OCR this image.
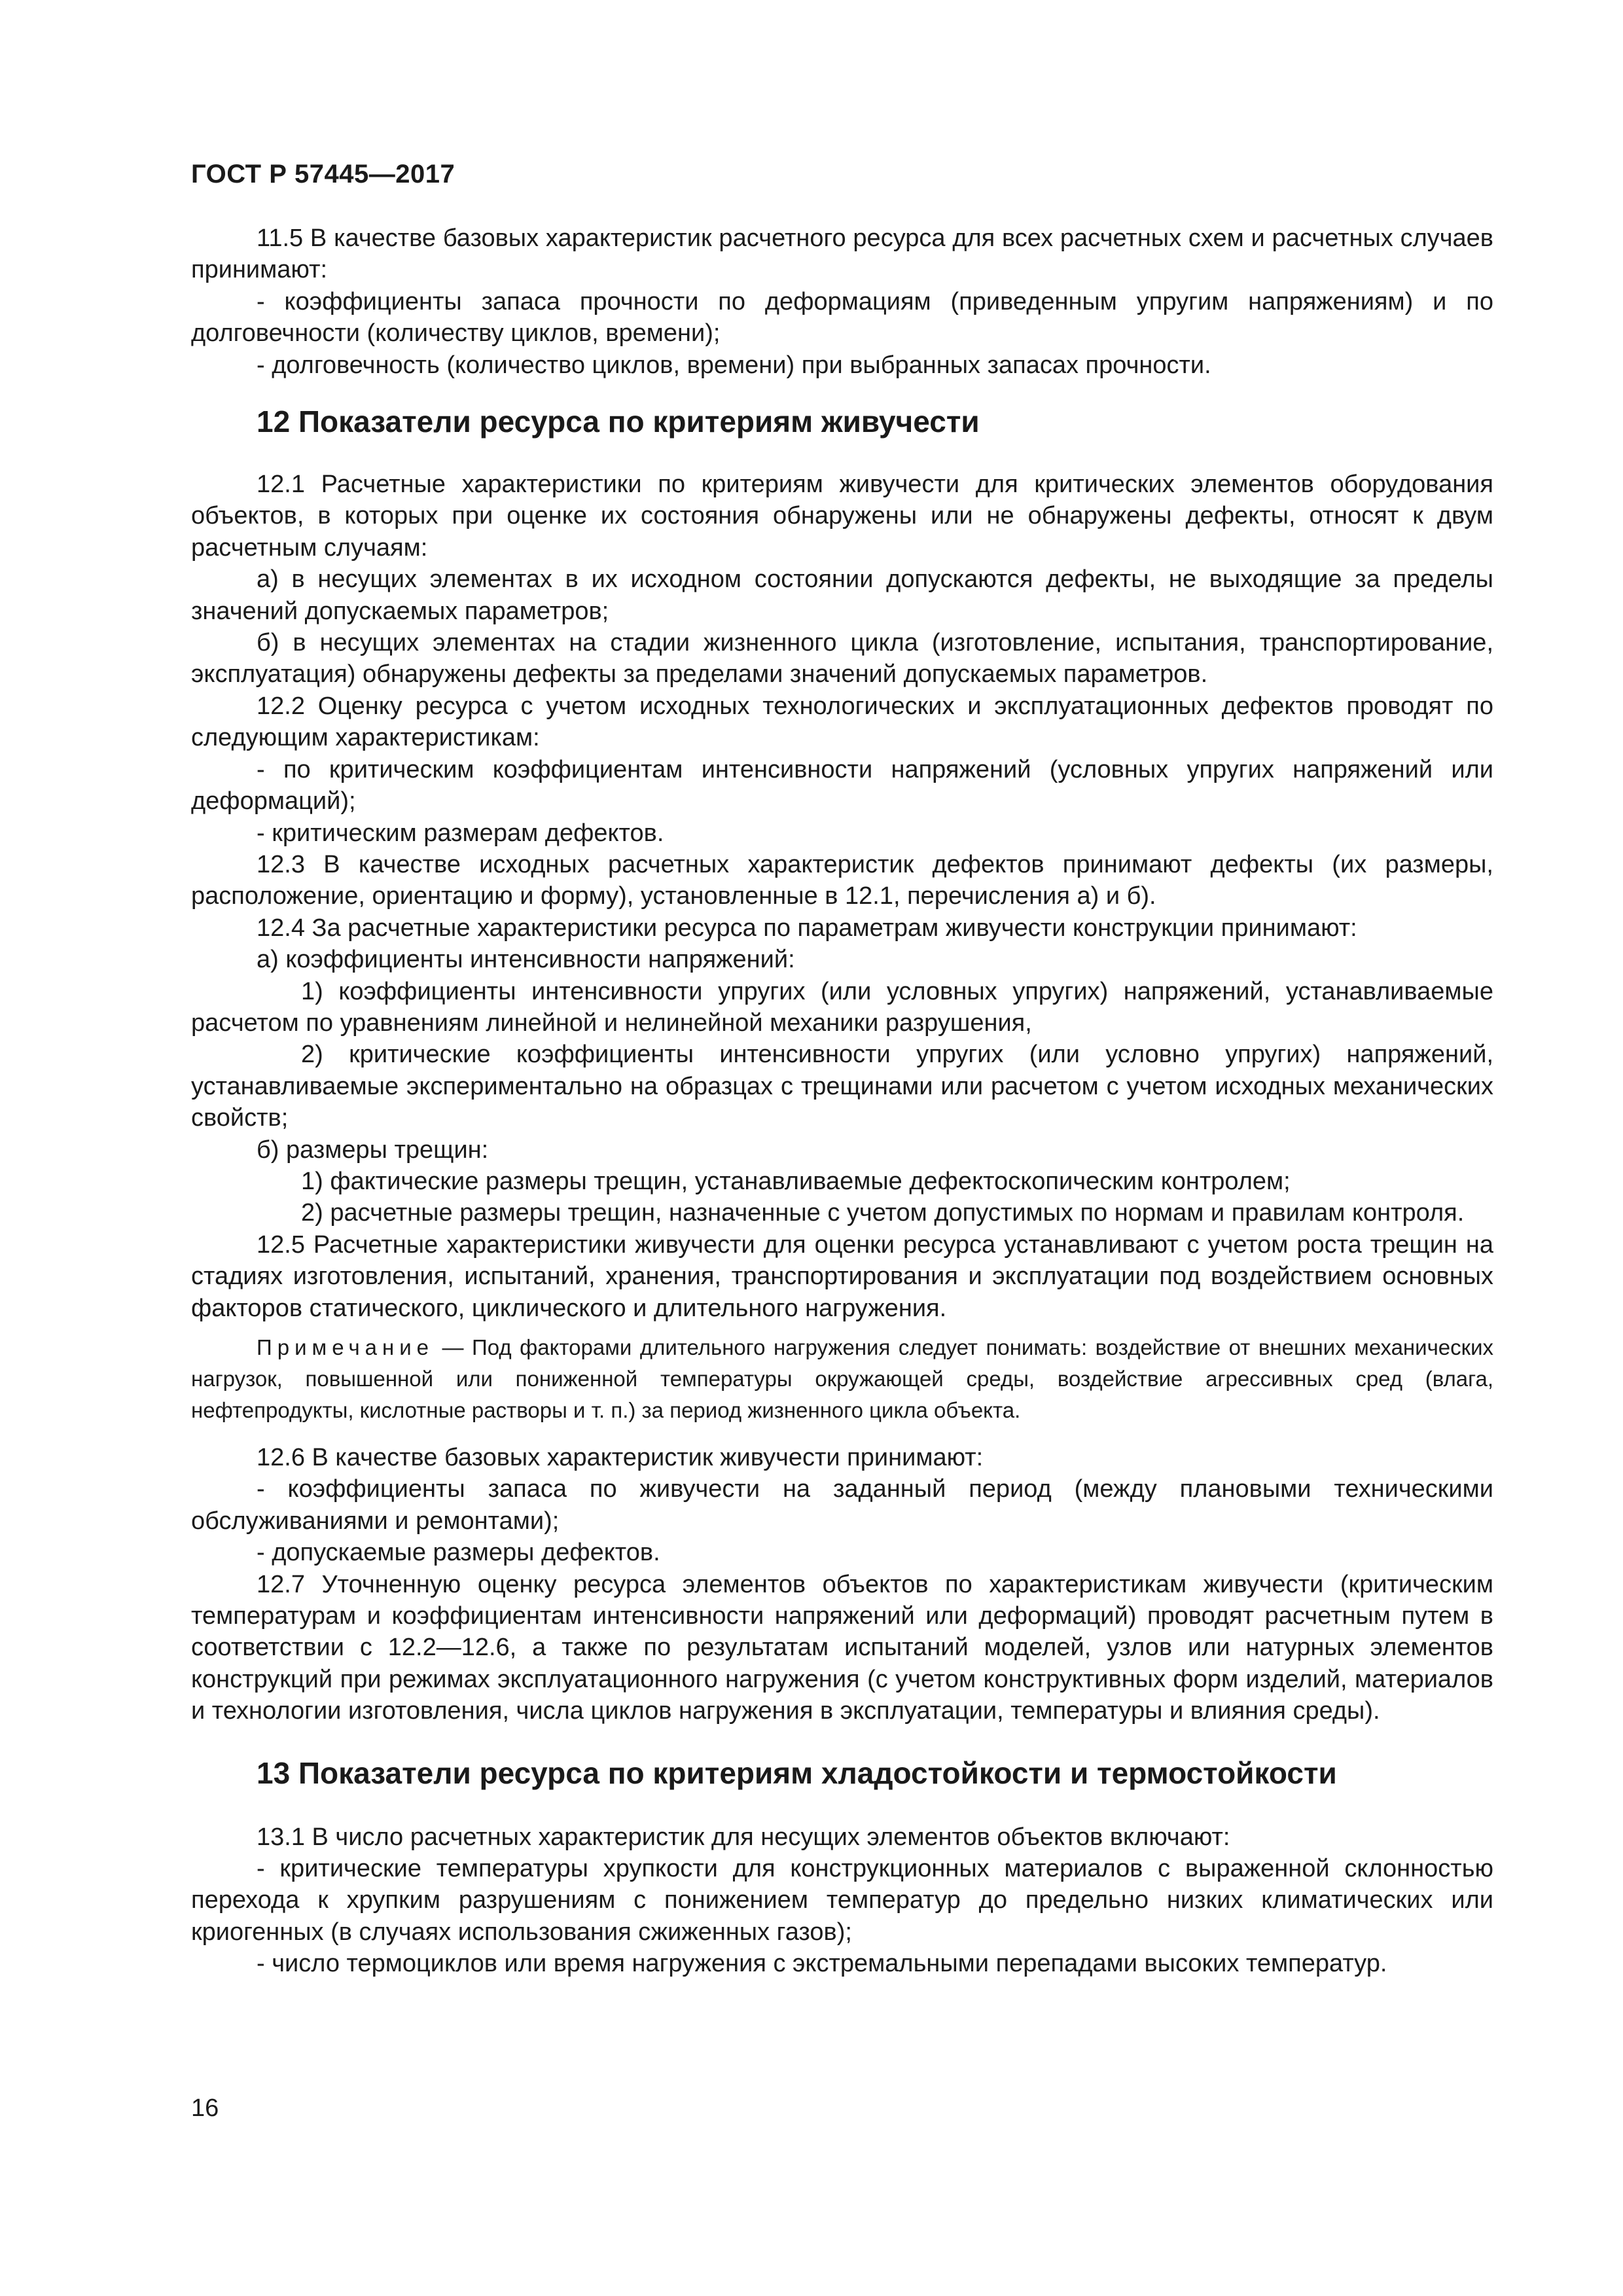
ГОСТ Р 57445—2017

11.5 В качестве базовых характеристик расчетного ресурса для всех расчетных схем и расчетных случаев принимают:

- коэффициенты запаса прочности по деформациям (приведенным упругим напряжениям) и по долговечности (количеству циклов, времени);

- долговечность (количество циклов, времени) при выбранных запасах прочности.

12 Показатели ресурса по критериям живучести

12.1 Расчетные характеристики по критериям живучести для критических элементов оборудования объектов, в которых при оценке их состояния обнаружены или не обнаружены дефекты, относят к двум расчетным случаям:

а) в несущих элементах в их исходном состоянии допускаются дефекты, не выходящие за пределы значений допускаемых параметров;

б) в несущих элементах на стадии жизненного цикла (изготовление, испытания, транспортирование, эксплуатация) обнаружены дефекты за пределами значений допускаемых параметров.

12.2 Оценку ресурса с учетом исходных технологических и эксплуатационных дефектов проводят по следующим характеристикам:

- по критическим коэффициентам интенсивности напряжений (условных упругих напряжений или деформаций);

- критическим размерам дефектов.

12.3 В качестве исходных расчетных характеристик дефектов принимают дефекты (их размеры, расположение, ориентацию и форму), установленные в 12.1, перечисления а) и б).

12.4 За расчетные характеристики ресурса по параметрам живучести конструкции принимают:

а) коэффициенты интенсивности напряжений:

1) коэффициенты интенсивности упругих (или условных упругих) напряжений, устанавливаемые расчетом по уравнениям линейной и нелинейной механики разрушения,

2) критические коэффициенты интенсивности упругих (или условно упругих) напряжений, устанавливаемые экспериментально на образцах с трещинами или расчетом с учетом исходных механических свойств;

б) размеры трещин:

1) фактические размеры трещин, устанавливаемые дефектоскопическим контролем;

2) расчетные размеры трещин, назначенные с учетом допустимых по нормам и правилам контроля.

12.5 Расчетные характеристики живучести для оценки ресурса устанавливают с учетом роста трещин на стадиях изготовления, испытаний, хранения, транспортирования и эксплуатации под воздействием основных факторов статического, циклического и длительного нагружения.

Примечание — Под факторами длительного нагружения следует понимать: воздействие от внешних механических нагрузок, повышенной или пониженной температуры окружающей среды, воздействие агрессивных сред (влага, нефтепродукты, кислотные растворы и т. п.) за период жизненного цикла объекта.

12.6 В качестве базовых характеристик живучести принимают:

- коэффициенты запаса по живучести на заданный период (между плановыми техническими обслуживаниями и ремонтами);

- допускаемые размеры дефектов.

12.7 Уточненную оценку ресурса элементов объектов по характеристикам живучести (критическим температурам и коэффициентам интенсивности напряжений или деформаций) проводят расчетным путем в соответствии с 12.2—12.6, а также по результатам испытаний моделей, узлов или натурных элементов конструкций при режимах эксплуатационного нагружения (с учетом конструктивных форм изделий, материалов и технологии изготовления, числа циклов нагружения в эксплуатации, температуры и влияния среды).

13 Показатели ресурса по критериям хладостойкости и термостойкости

13.1 В число расчетных характеристик для несущих элементов объектов включают:

- критические температуры хрупкости для конструкционных материалов с выраженной склонностью перехода к хрупким разрушениям с понижением температур до предельно низких климатических или криогенных (в случаях использования сжиженных газов);

- число термоциклов или время нагружения с экстремальными перепадами высоких температур.

16
